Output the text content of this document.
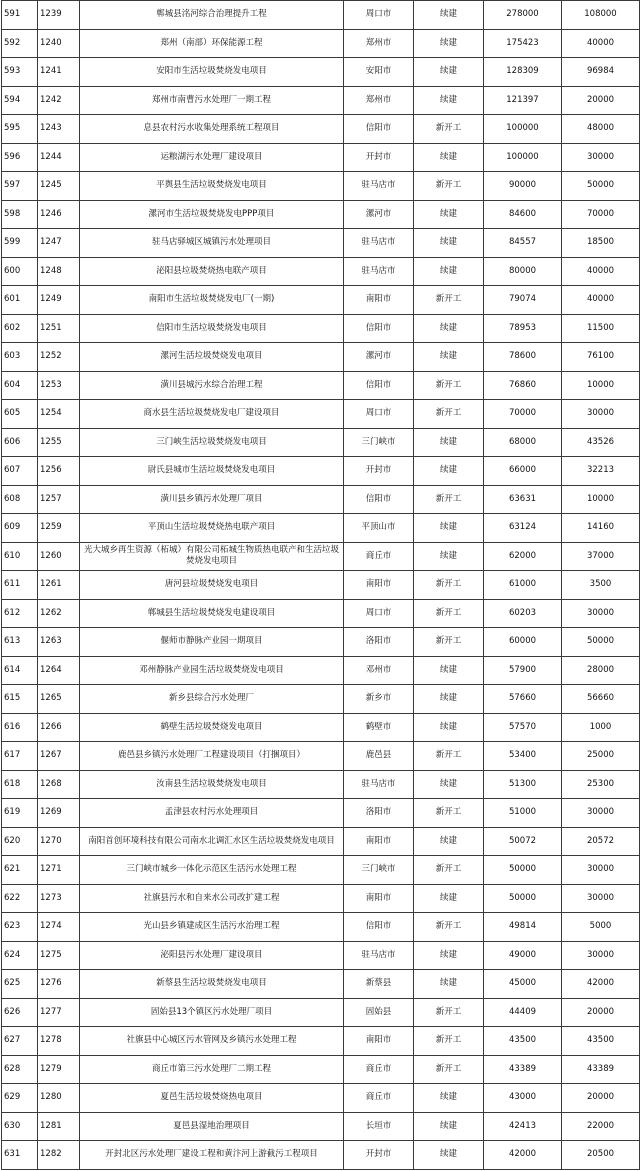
591	1239	郸城县洺河综合治理提升工程	周口市	续建	278000	108000
592	1240	郑州（南部）环保能源工程	郑州市	续建	175423	40000
593	1241	安阳市生活垃圾焚烧发电项目	安阳市	续建	128309	96984
594	1242	郑州市南曹污水处理厂一期工程	郑州市	续建	121397	20000
595	1243	息县农村污水收集处理系统工程项目	信阳市	新开工	100000	48000
596	1244	运粮湖污水处理厂建设项目	开封市	续建	100000	30000
597	1245	平舆县生活垃圾焚烧发电项目	驻马店市	新开工	90000	50000
598	1246	漯河市生活垃圾焚烧发电PPP项目	漯河市	续建	84600	70000
599	1247	驻马店驿城区城镇污水处理项目	驻马店市	续建	84557	18500
600	1248	泌阳县垃圾焚烧热电联产项目	驻马店市	续建	80000	40000
601	1249	南阳市生活垃圾焚烧发电厂(一期)	南阳市	新开工	79074	40000
602	1251	信阳市生活垃圾焚烧发电项目	信阳市	续建	78953	11500
603	1252	漯河生活垃圾焚烧发电项目	漯河市	续建	78600	76100
604	1253	潢川县城污水综合治理工程	信阳市	新开工	76860	10000
605	1254	商水县生活垃圾焚烧发电厂建设项目	周口市	新开工	70000	30000
606	1255	三门峡生活垃圾焚烧发电项目	三门峡市	续建	68000	43526
607	1256	尉氏县城市生活垃圾焚烧发电项目	开封市	续建	66000	32213
608	1257	潢川县乡镇污水处理厂项目	信阳市	新开工	63631	10000
609	1259	平顶山生活垃圾焚烧热电联产项目	平顶山市	续建	63124	14160
610	1260	光大城乡再生资源（柘城）有限公司柘城生物质热电联产和生活垃圾焚烧发电项目	商丘市	续建	62000	37000
611	1261	唐河县垃圾焚烧发电项目	南阳市	新开工	61000	3500
612	1262	郸城县生活垃圾焚烧发电建设项目	周口市	新开工	60203	30000
613	1263	偃师市静脉产业园一期项目	洛阳市	新开工	60000	50000
614	1264	邓州静脉产业园生活垃圾焚烧发电项目	邓州市	续建	57900	28000
615	1265	新乡县综合污水处理厂	新乡市	续建	57660	56660
616	1266	鹤壁生活垃圾焚烧发电项目	鹤壁市	续建	57570	1000
617	1267	鹿邑县乡镇污水处理厂工程建设项目（打捆项目）	鹿邑县	新开工	53400	25000
618	1268	汝南县生活垃圾焚烧发电项目	驻马店市	续建	51300	25300
619	1269	孟津县农村污水处理项目	洛阳市	新开工	51000	30000
620	1270	南阳首创环境科技有限公司南水北调汇水区生活垃圾焚烧发电项目	南阳市	续建	50072	20572
621	1271	三门峡市城乡一体化示范区生活污水处理工程	三门峡市	新开工	50000	30000
622	1273	社旗县污水和自来水公司改扩建工程	南阳市	续建	50000	30000
623	1274	光山县乡镇建成区生活污水治理工程	信阳市	新开工	49814	5000
624	1275	泌阳县污水处理厂建设项目	驻马店市	续建	49000	30000
625	1276	新蔡县生活垃圾焚烧发电项目	新蔡县	续建	45000	42000
626	1277	固始县13个镇区污水处理厂项目	固始县	新开工	44409	20000
627	1278	社旗县中心城区污水管网及乡镇污水处理工程	南阳市	新开工	43500	43500
628	1279	商丘市第三污水处理厂二期工程	商丘市	新开工	43389	43389
629	1280	夏邑生活垃圾焚烧热电项目	商丘市	续建	43000	20000
630	1281	夏邑县湿地治理项目	长垣市	续建	42413	22000
631	1282	开封北区污水处理厂建设工程和黄汴河上游截污工程项目	开封市	续建	42000	20500
